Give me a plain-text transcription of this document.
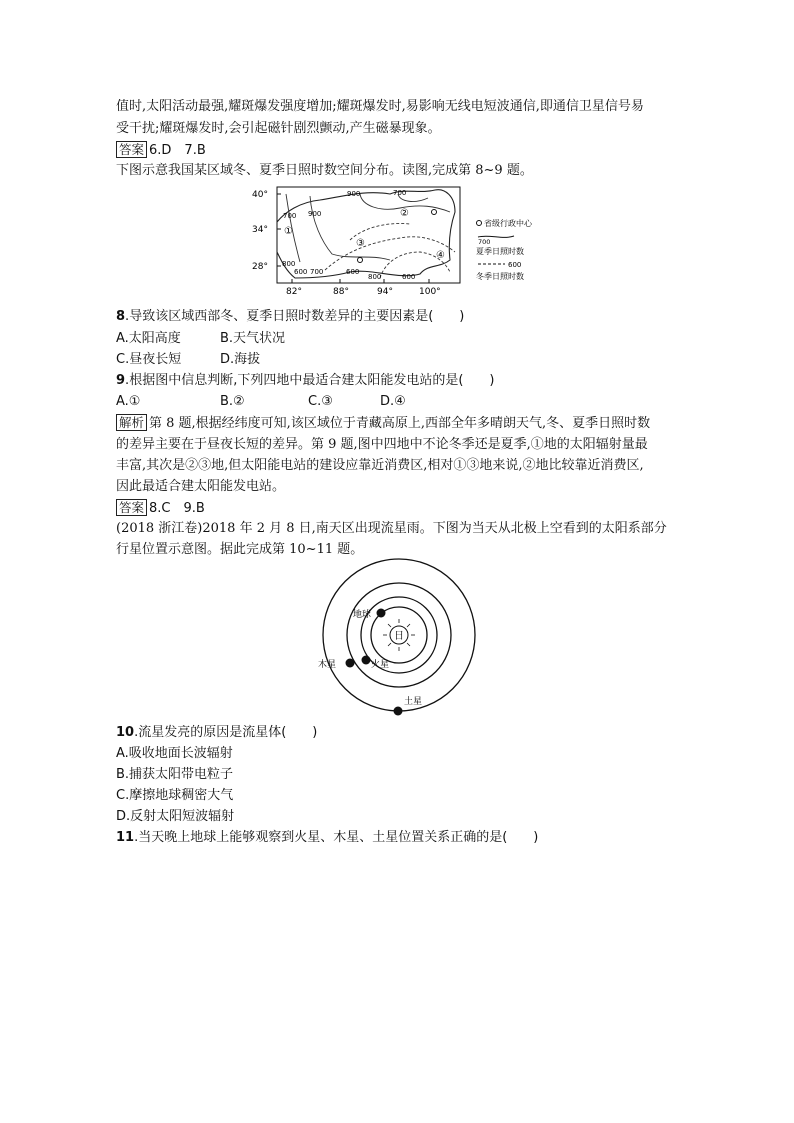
值时,太阳活动最强,耀斑爆发强度增加;耀斑爆发时,易影响无线电短波通信,即通信卫星信号易
受干扰;耀斑爆发时,会引起磁针剧烈颤动,产生磁暴现象。
答案 6.D　7.B
下图示意我国某区域冬、夏季日照时数空间分布。读图,完成第 8~9 题。
40°
34°
28°
82°	88°	94°	100°
900	700
700 900
800
600 700	600
800	600
①
②
③
④
省级行政中心
700
夏季日照时数
600
冬季日照时数
8.导致该区域西部冬、夏季日照时数差异的主要因素是(　　)
A.太阳高度	B.天气状况
C.昼夜长短	D.海拔
9.根据图中信息判断,下列四地中最适合建太阳能发电站的是(　　)
A.①	B.②	C.③	D.④
解析 第 8 题,根据经纬度可知,该区域位于青藏高原上,西部全年多晴朗天气,冬、夏季日照时数
的差异主要在于昼夜长短的差异。第 9 题,图中四地中不论冬季还是夏季,①地的太阳辐射量最
丰富,其次是②③地,但太阳能电站的建设应靠近消费区,相对①③地来说,②地比较靠近消费区,
因此最适合建太阳能发电站。
答案 8.C　9.B
(2018 浙江卷)2018 年 2 月 8 日,南天区出现流星雨。下图为当天从北极上空看到的太阳系部分
行星位置示意图。据此完成第 10~11 题。
日
地球
火星
木星
土星
10.流星发亮的原因是流星体(　　)
A.吸收地面长波辐射
B.捕获太阳带电粒子
C.摩擦地球稠密大气
D.反射太阳短波辐射
11.当天晚上地球上能够观察到火星、木星、土星位置关系正确的是(　　)
